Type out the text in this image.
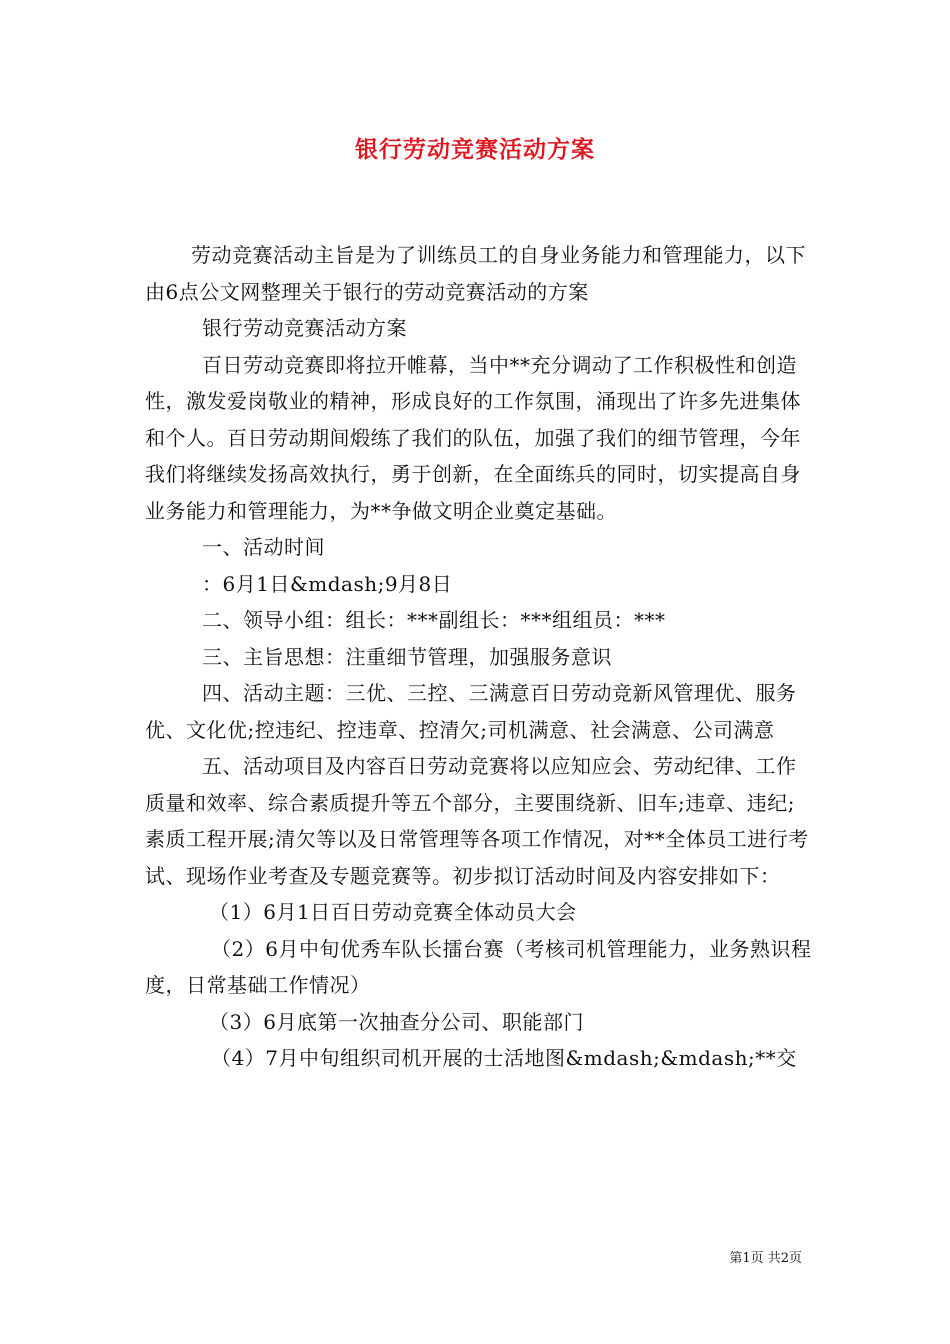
银行劳动竞赛活动方案

劳动竞赛活动主旨是为了训练员工的自身业务能力和管理能力，以下由6点公文网整理关于银行的劳动竞赛活动的方案

银行劳动竞赛活动方案

百日劳动竞赛即将拉开帷幕，当中**充分调动了工作积极性和创造性，激发爱岗敬业的精神，形成良好的工作氛围，涌现出了许多先进集体和个人。百日劳动期间煅练了我们的队伍，加强了我们的细节管理，今年我们将继续发扬高效执行，勇于创新，在全面练兵的同时，切实提高自身业务能力和管理能力，为**争做文明企业奠定基础。

一、活动时间

：6月1日&mdash;9月8日

二、领导小组：组长：***副组长：***组组员：***

三、主旨思想：注重细节管理，加强服务意识

四、活动主题：三优、三控、三满意百日劳动竞新风管理优、服务优、文化优;控违纪、控违章、控清欠;司机满意、社会满意、公司满意

五、活动项目及内容百日劳动竞赛将以应知应会、劳动纪律、工作质量和效率、综合素质提升等五个部分，主要围绕新、旧车;违章、违纪;素质工程开展;清欠等以及日常管理等各项工作情况，对**全体员工进行考试、现场作业考查及专题竞赛等。初步拟订活动时间及内容安排如下：

（1）6月1日百日劳动竞赛全体动员大会

（2）6月中旬优秀车队长擂台赛（考核司机管理能力，业务熟识程度，日常基础工作情况）

（3）6月底第一次抽查分公司、职能部门

（4）7月中旬组织司机开展的士活地图&mdash;&mdash;**交

第1页 共2页
